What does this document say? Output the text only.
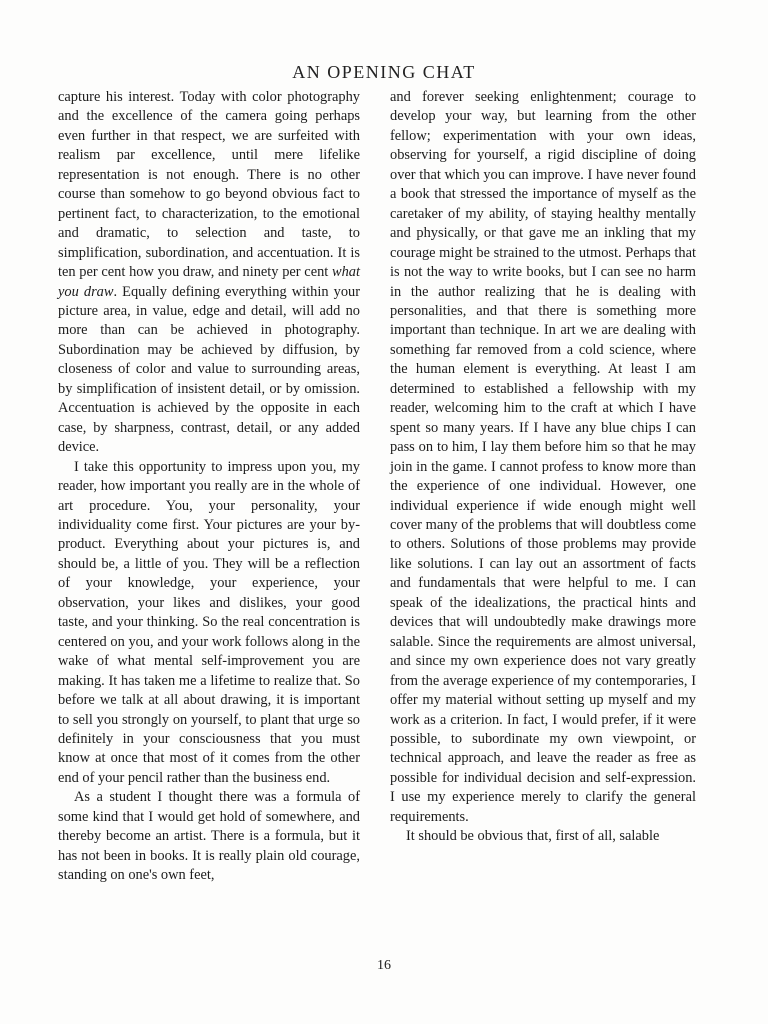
AN OPENING CHAT

capture his interest. Today with color photography and the excellence of the camera going perhaps even further in that respect, we are surfeited with realism par excellence, until mere lifelike representation is not enough. There is no other course than somehow to go beyond obvious fact to pertinent fact, to characterization, to the emotional and dramatic, to selection and taste, to simplification, subordination, and accentuation. It is ten per cent how you draw, and ninety per cent what you draw. Equally defining everything within your picture area, in value, edge and detail, will add no more than can be achieved in photography. Subordination may be achieved by diffusion, by closeness of color and value to surrounding areas, by simplification of insistent detail, or by omission. Accentuation is achieved by the opposite in each case, by sharpness, contrast, detail, or any added device.

I take this opportunity to impress upon you, my reader, how important you really are in the whole of art procedure. You, your personality, your individuality come first. Your pictures are your by-product. Everything about your pictures is, and should be, a little of you. They will be a reflection of your knowledge, your experience, your observation, your likes and dislikes, your good taste, and your thinking. So the real concentration is centered on you, and your work follows along in the wake of what mental self-improvement you are making. It has taken me a lifetime to realize that. So before we talk at all about drawing, it is important to sell you strongly on yourself, to plant that urge so definitely in your consciousness that you must know at once that most of it comes from the other end of your pencil rather than the business end.

As a student I thought there was a formula of some kind that I would get hold of somewhere, and thereby become an artist. There is a formula, but it has not been in books. It is really plain old courage, standing on one's own feet,

and forever seeking enlightenment; courage to develop your way, but learning from the other fellow; experimentation with your own ideas, observing for yourself, a rigid discipline of doing over that which you can improve. I have never found a book that stressed the importance of myself as the caretaker of my ability, of staying healthy mentally and physically, or that gave me an inkling that my courage might be strained to the utmost. Perhaps that is not the way to write books, but I can see no harm in the author realizing that he is dealing with personalities, and that there is something more important than technique. In art we are dealing with something far removed from a cold science, where the human element is everything. At least I am determined to established a fellowship with my reader, welcoming him to the craft at which I have spent so many years. If I have any blue chips I can pass on to him, I lay them before him so that he may join in the game. I cannot profess to know more than the experience of one individual. However, one individual experience if wide enough might well cover many of the problems that will doubtless come to others. Solutions of those problems may provide like solutions. I can lay out an assortment of facts and fundamentals that were helpful to me. I can speak of the idealizations, the practical hints and devices that will undoubtedly make drawings more salable. Since the requirements are almost universal, and since my own experience does not vary greatly from the average experience of my contemporaries, I offer my material without setting up myself and my work as a criterion. In fact, I would prefer, if it were possible, to subordinate my own viewpoint, or technical approach, and leave the reader as free as possible for individual decision and self-expression. I use my experience merely to clarify the general requirements.

It should be obvious that, first of all, salable

16
